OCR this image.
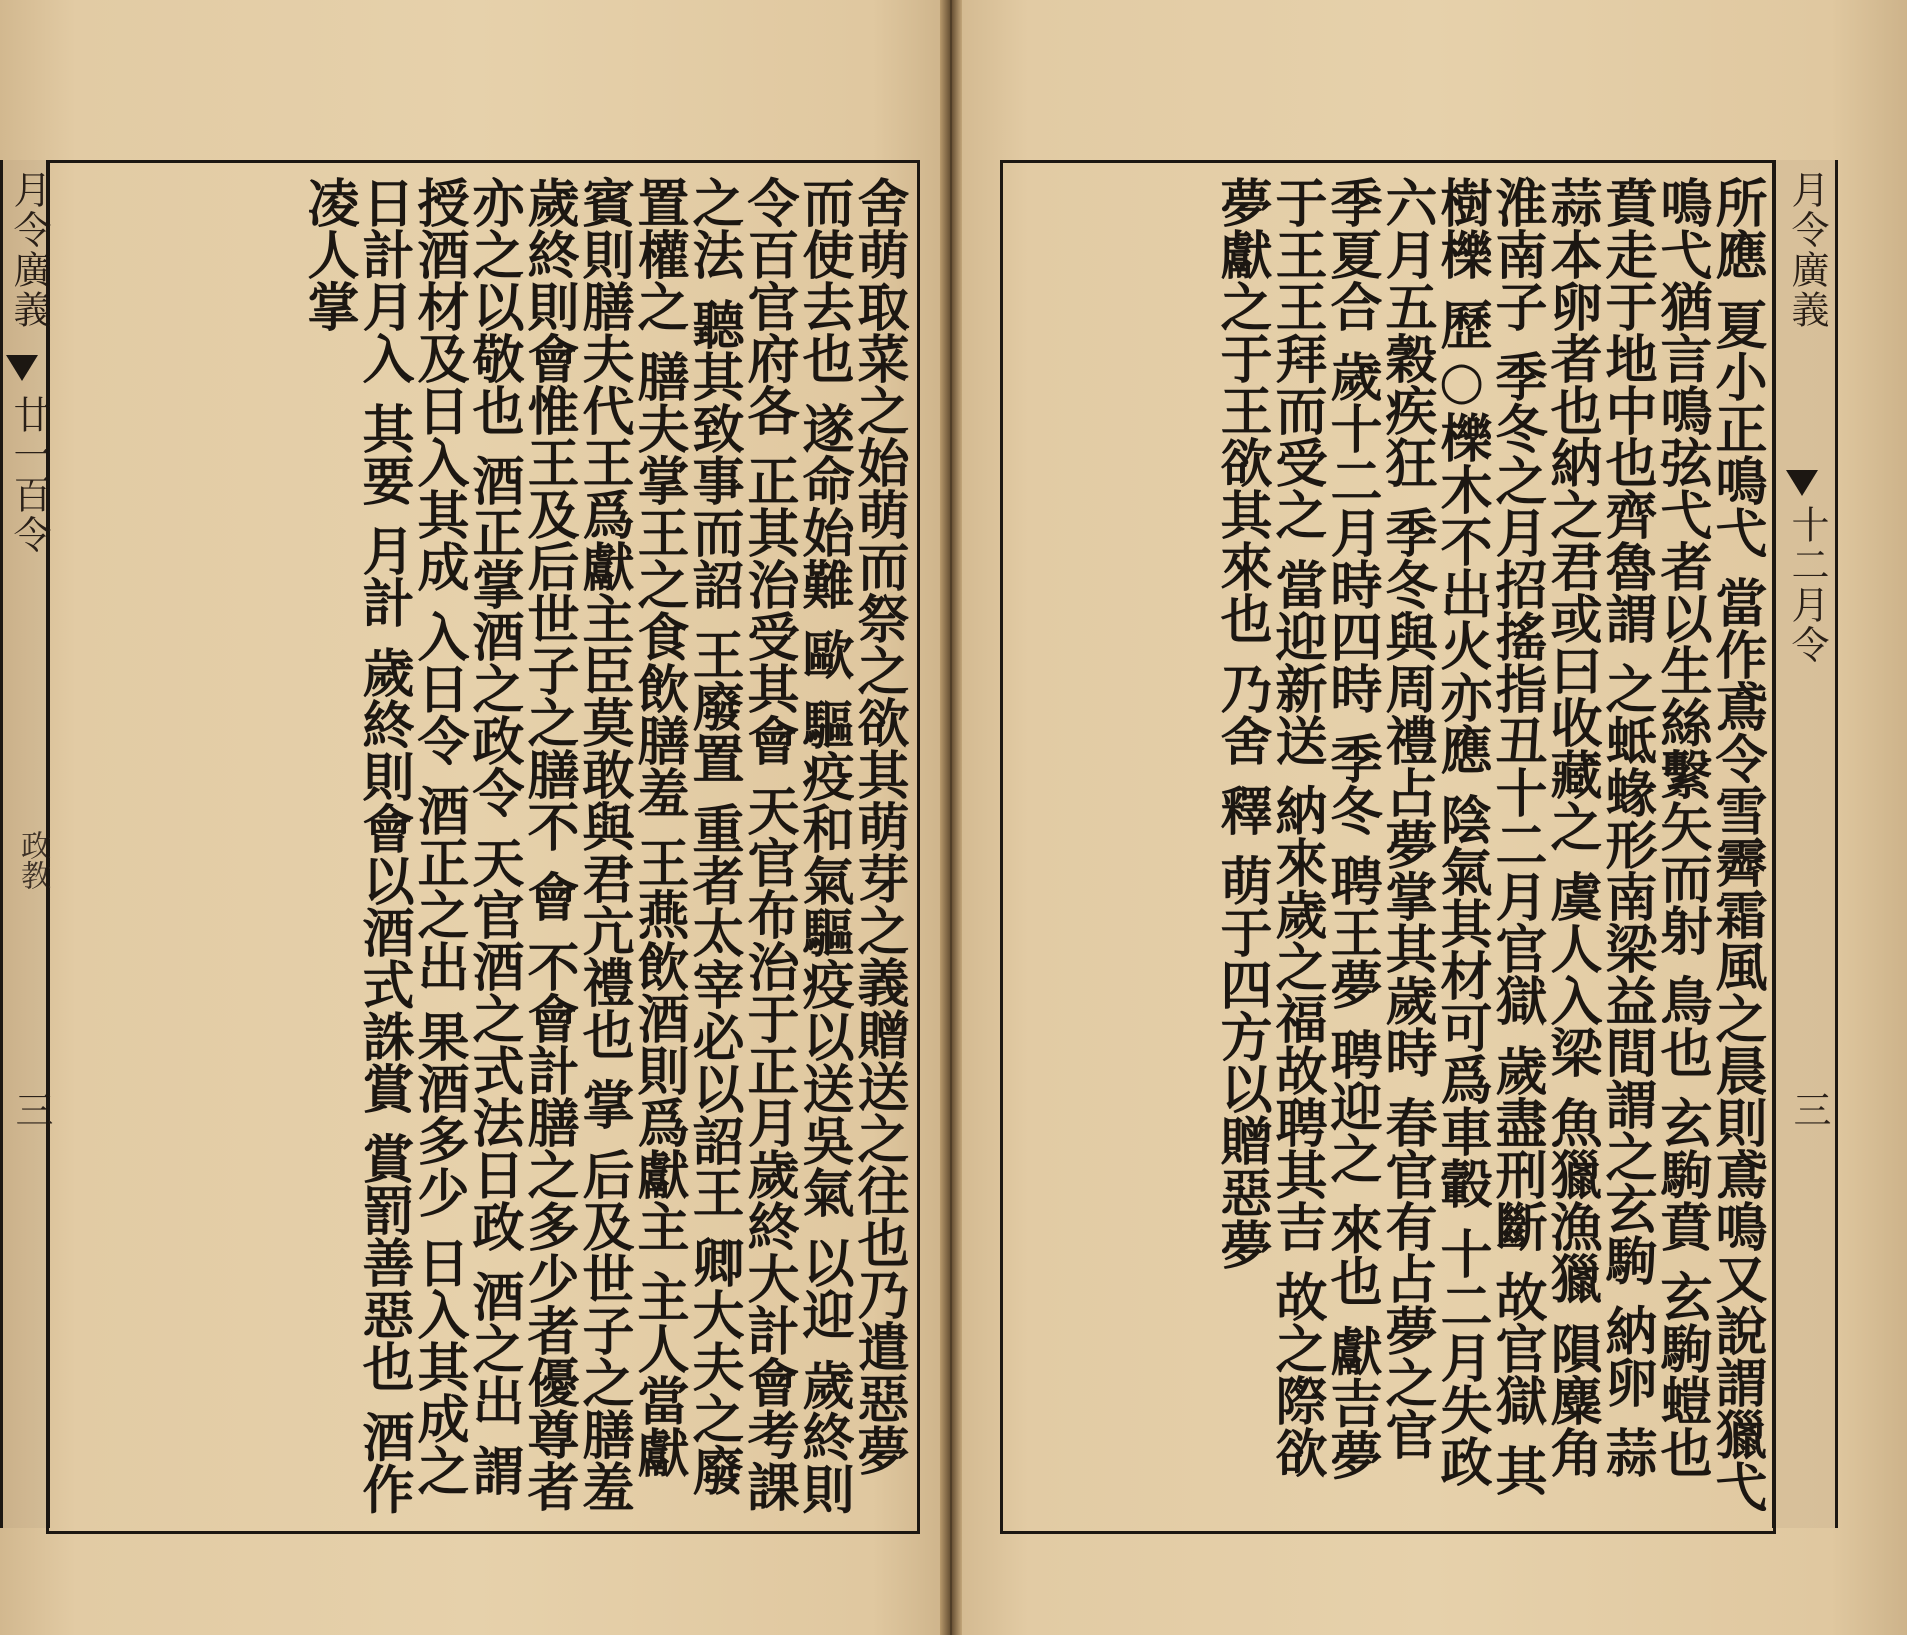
月令廣義
廿一百令
政教
三	舍萌取菜之始萌而祭之欲其萌芽之義贈送之往也乃遣惡夢而使去也 遂命始難 歐 驅疫和氣驅疫以送吳氣 以迎 歲終則令百官府各 正其治受其會 天官布治于正月歲終大計會考課之法 聽其致事而詔 王廢置 重者太宰必以詔王 卿大夫之廢置權之 膳夫掌王之食飲膳羞 王燕飲酒則爲獻主 主人當獻賓則膳夫代王爲獻主臣莫敢與君亢禮也 掌 后及世子之膳羞歲終則會惟王及后世子之膳不 會 不會計膳之多少者優尊者亦之以敬也 酒正掌酒之政令 天官酒之式法日政 酒之出 謂授酒材及日入其成 入日令 酒正之出 果酒多少 日入其成之 日計月入 其要 月計 歲終則會以酒式誅賞 賞罰善惡也 酒作 凌人掌	所應 夏小正鳴弋 當作鳶令雪霽霜風之晨則鳶鳴又說謂獵弋鳴弋猶言鳴弦弋者以生絲繫矢而射 鳥也 玄駒賁 玄駒螘也賁走于地中也齊魯謂 之蚳蝝形南梁益間謂之玄駒 納卵 蒜 蒜本卵者也納之君或曰收藏之 虞人入梁 魚獵漁獵 隕麋角 淮南子 季冬之月招搖指丑十二月官獄 歲盡刑斷 故官獄 其樹櫟 歷○櫟木不出火亦應 陰氣其材可爲車轂 十二月失政六月五穀疾狂 季冬與周禮占夢掌其歲時 春官有占夢之官 季夏合 歲十二月時四時 季冬 聘王夢 聘迎之 來也 獻吉夢于王王拜而受之 當迎新送 納來歲之福故聘其吉 故之際欲 夢獻之于王欲其來也 乃舍 釋 萌于四方以贈惡夢	月令廣義
十二月令
三
